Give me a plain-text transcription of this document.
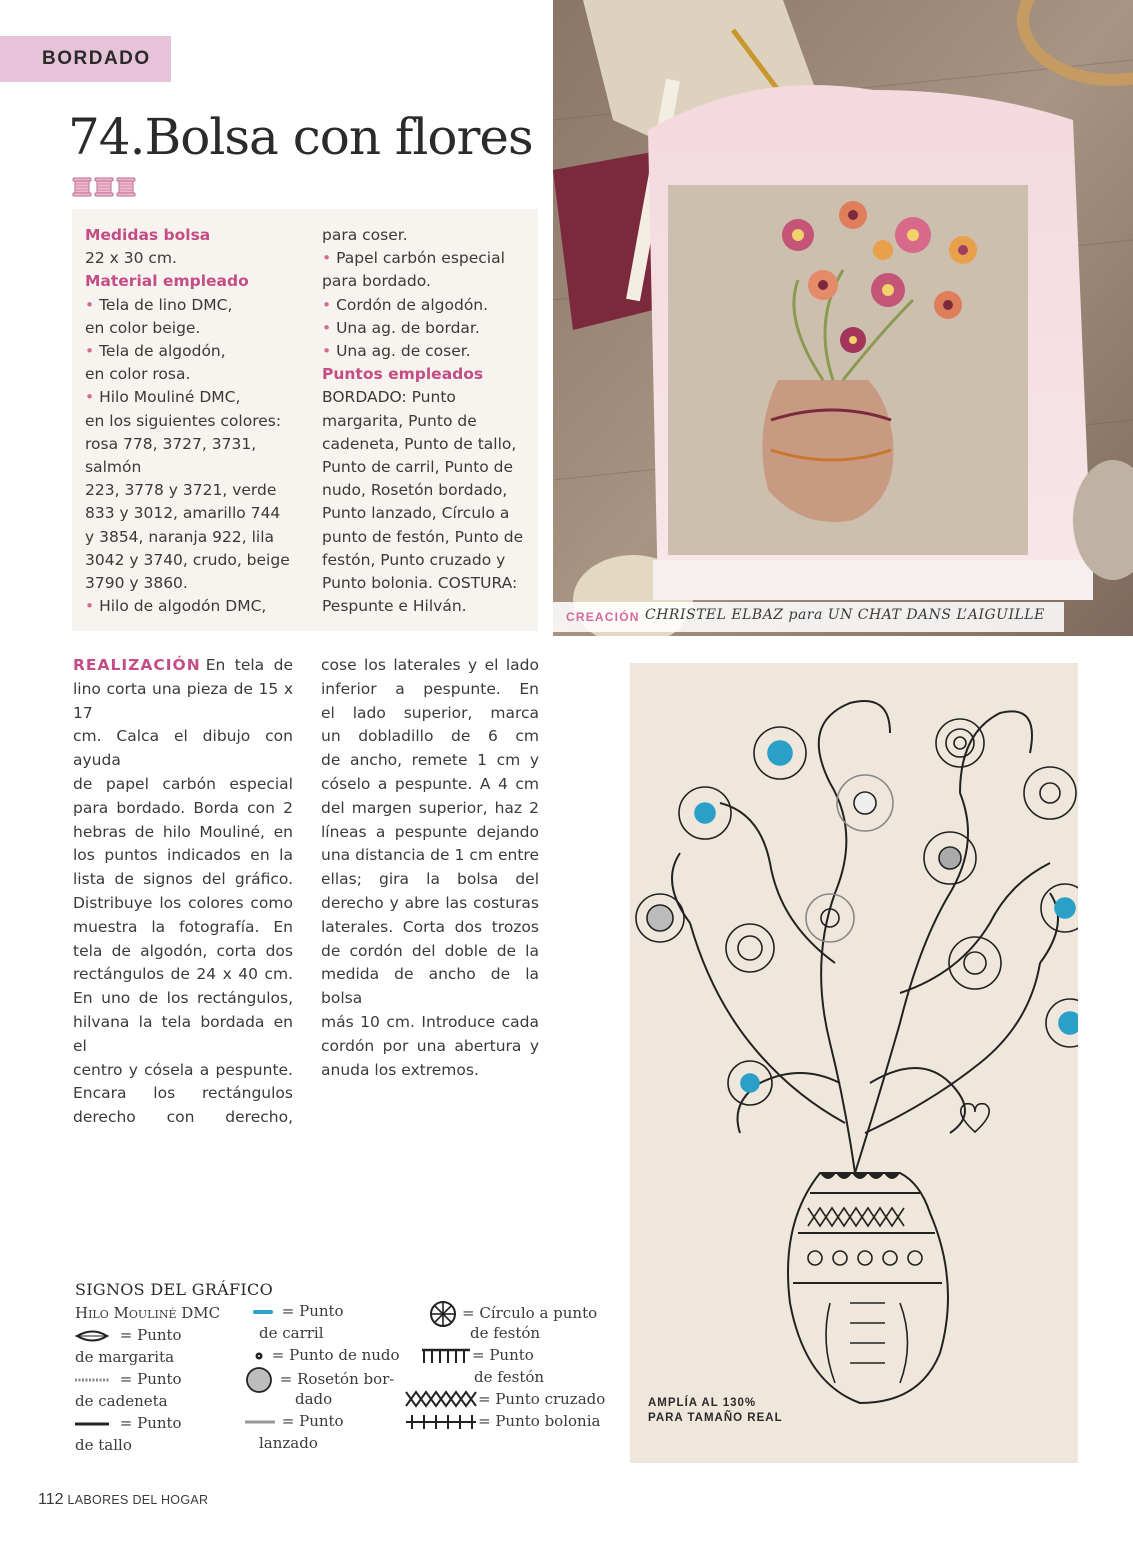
BORDADO
74.Bolsa con flores

Medidas bolsa

22 x 30 cm.

Material empleado

• Tela de lino DMC,

en color beige.

• Tela de algodón,

en color rosa.

• Hilo Mouliné DMC,

en los siguientes colores:

rosa 778, 3727, 3731, salmón

223, 3778 y 3721, verde

833 y 3012, amarillo 744

y 3854, naranja 922, lila

3042 y 3740, crudo, beige

3790 y 3860.

• Hilo de algodón DMC,

para coser.

• Papel carbón especial

para bordado.

• Cordón de algodón.

• Una ag. de bordar.

• Una ag. de coser.

Puntos empleados

BORDADO: Punto

margarita, Punto de

cadeneta, Punto de tallo,

Punto de carril, Punto de

nudo, Rosetón bordado,

Punto lanzado, Círculo a

punto de festón, Punto de

festón, Punto cruzado y

Punto bolonia. COSTURA:

Pespunte e Hilván.

CREACIÓN CHRISTEL ELBAZ para UN CHAT DANS L’AIGUILLE
REALIZACIÓN En tela de
lino corta una pieza de 15 x 17
cm. Calca el dibujo con ayuda
de papel carbón especial
para bordado. Borda con 2
hebras de hilo Mouliné, en
los puntos indicados en la
lista de signos del gráfico.
Distribuye los colores como
muestra la fotografía. En
tela de algodón, corta dos
rectángulos de 24 x 40 cm.
En uno de los rectángulos,
hilvana la tela bordada en el
centro y cósela a pespunte.
Encara los rectángulos
derecho con derecho,
cose los laterales y el lado
inferior a pespunte. En
el lado superior, marca
un dobladillo de 6 cm
de ancho, remete 1 cm y
cóselo a pespunte. A 4 cm
del margen superior, haz 2
líneas a pespunte dejando
una distancia de 1 cm entre
ellas; gira la bolsa del
derecho y abre las costuras
laterales. Corta dos trozos
de cordón del doble de la
medida de ancho de la bolsa
más 10 cm. Introduce cada
cordón por una abertura y
anuda los extremos.
AMPLÍA AL 130%
PARA TAMAÑO REAL
SIGNOS DEL GRÁFICO
Hilo Mouliné DMC
= Punto
de margarita
= Punto
de cadeneta
= Punto
de tallo
= Punto
de carril
= Punto de nudo
= Rosetón bor-
dado
= Punto
lanzado
= Círculo a punto
de festón
= Punto
de festón
= Punto cruzado
= Punto bolonia
112 LABORES DEL HOGAR
